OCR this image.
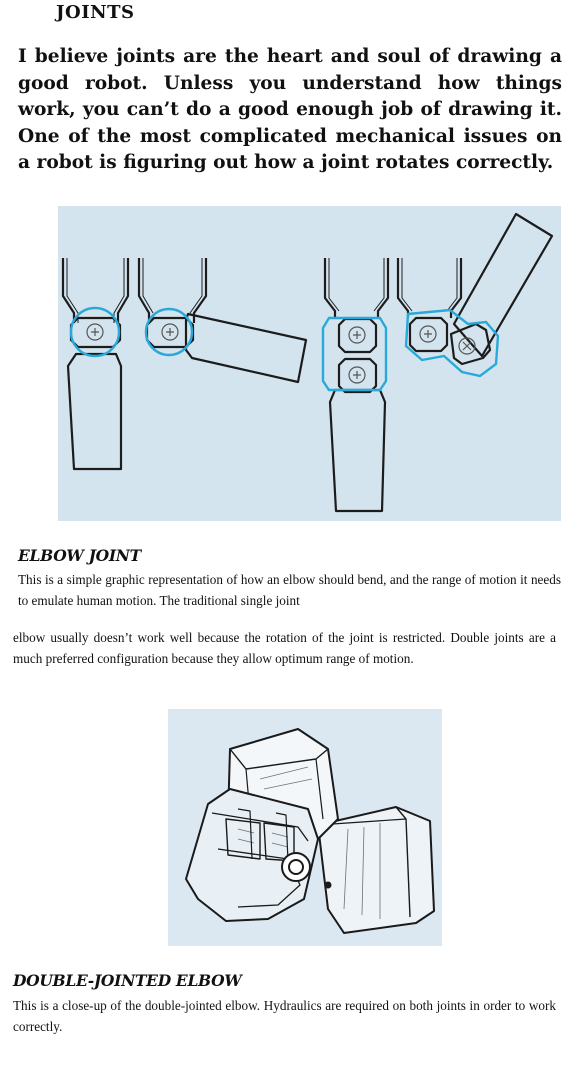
JOINTS
I believe joints are the heart and soul of drawing a good robot. Unless you understand how things work, you can’t do a good enough job of drawing it. One of the most complicated mechanical issues on a robot is figuring out how a joint rotates correctly.
ELBOW JOINT
This is a simple graphic representation of how an elbow should bend, and the range of motion it needs to emulate human motion. The traditional single joint
elbow usually doesn’t work well because the rotation of the joint is restricted. Double joints are a much preferred configuration because they allow optimum range of motion.
DOUBLE-JOINTED ELBOW
This is a close-up of the double-jointed elbow. Hydraulics are required on both joints in order to work correctly.
